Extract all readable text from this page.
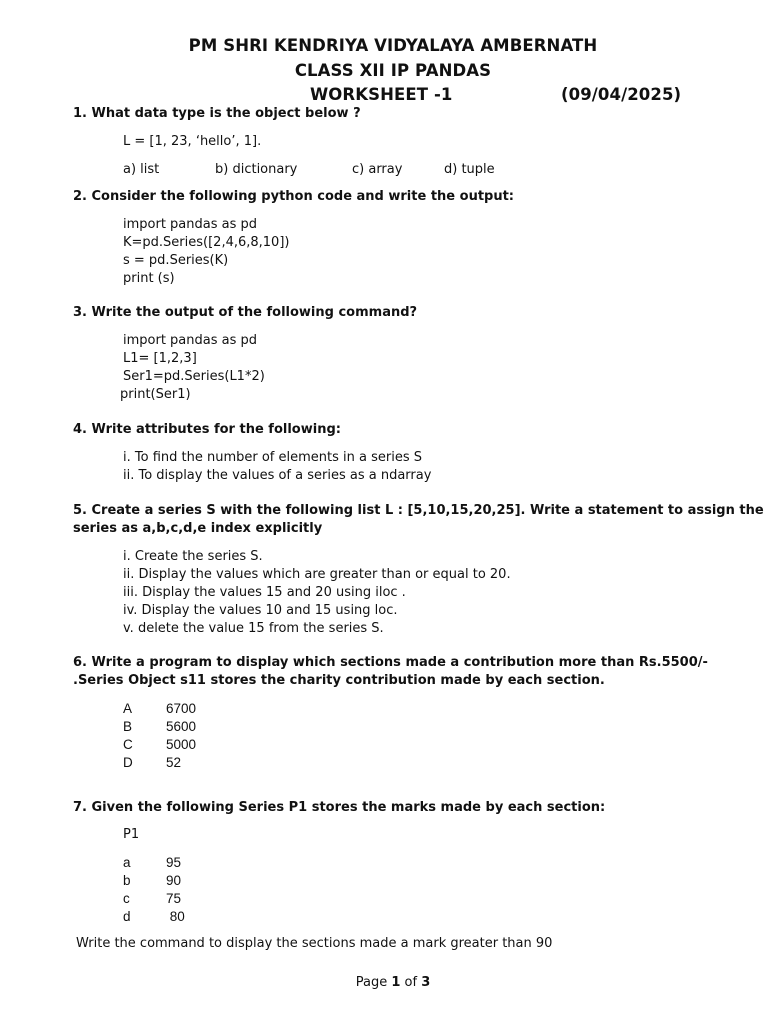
PM SHRI KENDRIYA VIDYALAYA AMBERNATH
CLASS XII IP PANDAS
WORKSHEET -1	(09/04/2025)
1. What data type is the object below ?
L = [1, 23, ‘hello’, 1].
a) list	b) dictionary	c) array	d) tuple
2. Consider the following python code and write the output:
import pandas as pd
K=pd.Series([2,4,6,8,10])
s = pd.Series(K)
print (s)
3. Write the output of the following command?
import pandas as pd
L1= [1,2,3]
Ser1=pd.Series(L1*2)
print(Ser1)
4. Write attributes for the following:
i. To find the number of elements in a series S
ii. To display the values of a series as a ndarray
5. Create a series S with the following list L : [5,10,15,20,25]. Write a statement to assign the
series as a,b,c,d,e index explicitly
i. Create the series S.
ii. Display the values which are greater than or equal to 20.
iii. Display the values 15 and 20 using iloc .
iv. Display the values 10 and 15 using loc.
v. delete the value 15 from the series S.
6. Write a program to display which sections made a contribution more than Rs.5500/-
.Series Object s11 stores the charity contribution made by each section.
A	6700
B	5600
C 5000
D 52
7. Given the following Series P1 stores the marks made by each section:
P1
a	95
b	90
c	75
d	80
Write the command to display the sections made a mark greater than 90
Page 1 of 3
